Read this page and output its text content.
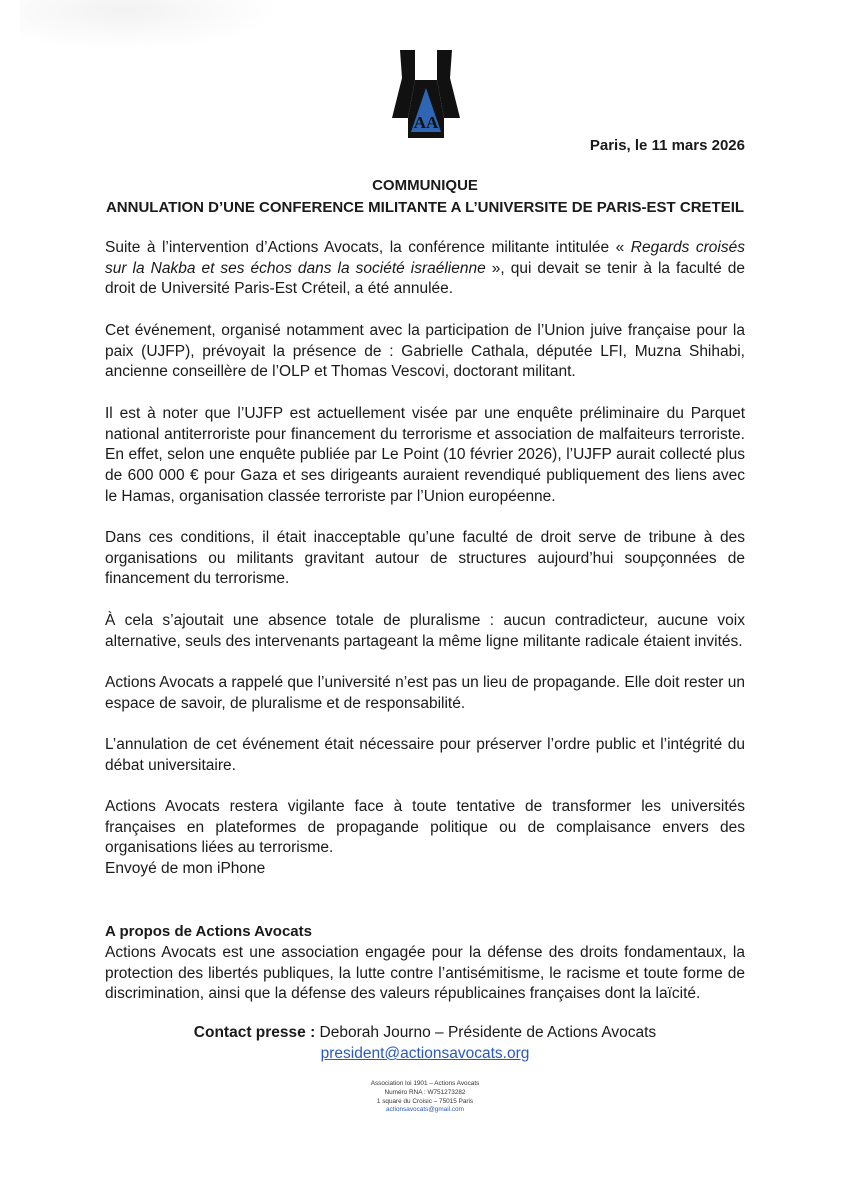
AA
Paris, le 11 mars 2026
COMMUNIQUE
ANNULATION D’UNE CONFERENCE MILITANTE A L’UNIVERSITE DE PARIS-EST CRETEIL

Suite à l’intervention d’Actions Avocats, la conférence militante intitulée « Regards croisés sur la Nakba et ses échos dans la société israélienne », qui devait se tenir à la faculté de droit de Université Paris-Est Créteil, a été annulée.

Cet événement, organisé notamment avec la participation de l’Union juive française pour la paix (UJFP), prévoyait la présence de : Gabrielle Cathala, députée LFI, Muzna Shihabi, ancienne conseillère de l’OLP et Thomas Vescovi, doctorant militant.

Il est à noter que l’UJFP est actuellement visée par une enquête préliminaire du Parquet national antiterroriste pour financement du terrorisme et association de malfaiteurs terroriste. En effet, selon une enquête publiée par Le Point (10 février 2026), l’UJFP aurait collecté plus de 600 000 € pour Gaza et ses dirigeants auraient revendiqué publiquement des liens avec le Hamas, organisation classée terroriste par l’Union européenne.

Dans ces conditions, il était inacceptable qu’une faculté de droit serve de tribune à des organisations ou militants gravitant autour de structures aujourd’hui soupçonnées de financement du terrorisme.

À cela s’ajoutait une absence totale de pluralisme : aucun contradicteur, aucune voix alternative, seuls des intervenants partageant la même ligne militante radicale étaient invités.

Actions Avocats a rappelé que l’université n’est pas un lieu de propagande. Elle doit rester un espace de savoir, de pluralisme et de responsabilité.

L’annulation de cet événement était nécessaire pour préserver l’ordre public et l’intégrité du débat universitaire.

Actions Avocats restera vigilante face à toute tentative de transformer les universités françaises en plateformes de propagande politique ou de complaisance envers des organisations liées au terrorisme.

Envoyé de mon iPhone

A propos de Actions Avocats

Actions Avocats est une association engagée pour la défense des droits fondamentaux, la protection des libertés publiques, la lutte contre l’antisémitisme, le racisme et toute forme de discrimination, ainsi que la défense des valeurs républicaines françaises dont la laïcité.

Contact presse : Deborah Journo – Présidente de Actions Avocats
president@actionsavocats.org
Association loi 1901 – Actions Avocats
Numéro RNA : W751273282
1 square du Croisic – 75015 Paris
actionsavocats@gmail.com
